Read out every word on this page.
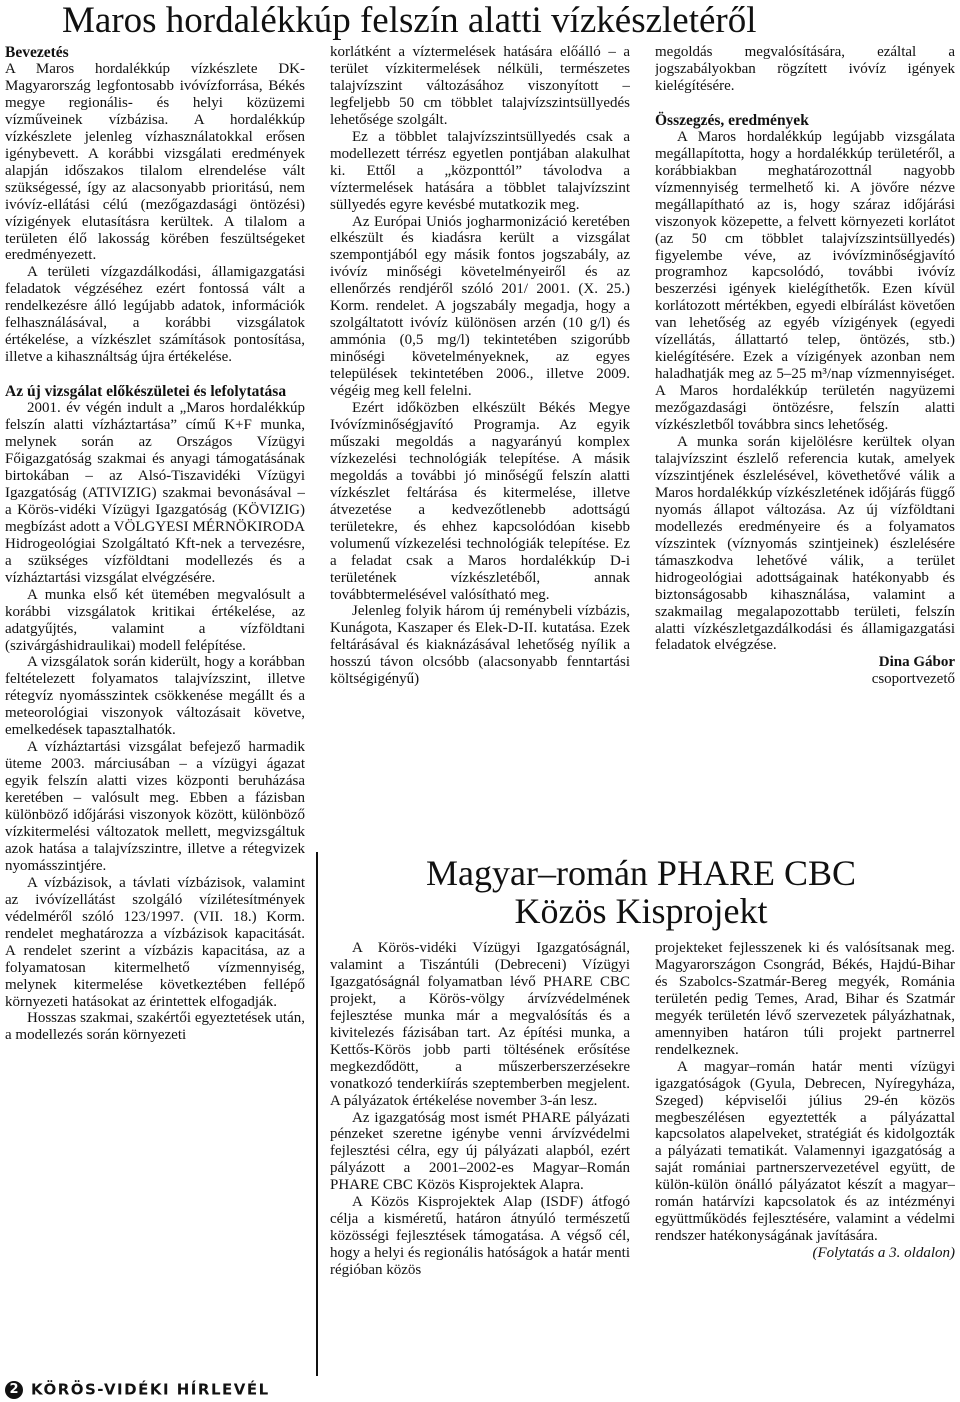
Maros hordalékkúp felszín alatti vízkészletéről
Bevezetés

A Maros hordalékkúp vízkészlete DK-Magyarország legfontosabb ivóvízforrása, Békés megye regionális- és helyi közüzemi vízműveinek vízbázisa. A hordalékkúp vízkészlete jelenleg vízhasználatokkal erősen igénybevett. A korábbi vizsgálati eredmények alapján időszakos tilalom elrendelése vált szükségessé, így az alacsonyabb prioritású, nem ivóvíz-ellátási célú (mezőgazdasági öntözési) vízigények elutasításra kerültek. A tilalom a területen élő lakosság körében feszültségeket eredményezett.

A területi vízgazdálkodási, államigazgatási feladatok végzéséhez ezért fontossá vált a rendelkezésre álló legújabb adatok, információk felhasználásával, a korábbi vizsgálatok értékelése, a vízkészlet számítások pontosítása, illetve a kihasználtság újra értékelése.

Az új vizsgálat előkészületei és lefolytatása

2001. év végén indult a „Maros hordalékkúp felszín alatti vízháztartása” című K+F munka, melynek során az Országos Vízügyi Főigazgatóság szakmai és anyagi támogatásának birtokában – az Alsó-Tiszavidéki Vízügyi Igazgatóság (ATIVIZIG) szakmai bevonásával – a Körös-vidéki Vízügyi Igazgatóság (KÖVIZIG) megbízást adott a VÖLGYESI MÉRNÖKIRODA Hidrogeológiai Szolgáltató Kft-nek a tervezésre, a szükséges vízföldtani modellezés és a vízháztartási vizsgálat elvégzésére.

A munka első két ütemében megvalósult a korábbi vizsgálatok kritikai értékelése, az adatgyűjtés, valamint a vízföldtani (szivárgáshidraulikai) modell felépítése.

A vizsgálatok során kiderült, hogy a korábban feltételezett folyamatos talajvízszint, illetve rétegvíz nyomásszintek csökkenése megállt és a meteorológiai viszonyok változásait követve, emelkedések tapasztalhatók.

A vízháztartási vizsgálat befejező harmadik üteme 2003. márciusában – a vízügyi ágazat egyik felszín alatti vizes központi beruházása keretében – valósult meg. Ebben a fázisban különböző időjárási viszonyok között, különböző vízkitermelési változatok mellett, megvizsgáltuk azok hatása a talajvízszintre, illetve a rétegvizek nyomásszintjére.

A vízbázisok, a távlati vízbázisok, valamint az ivóvízellátást szolgáló vízilétesítmények védelméről szóló 123/1997. (VII. 18.) Korm. rendelet meghatározza a vízbázisok kapacitását. A rendelet szerint a vízbázis kapacitása, az a folyamatosan kitermelhető vízmennyiség, melynek kitermelése következtében fellépő környezeti hatásokat az érintettek elfogadják.

Hosszas szakmai, szakértői egyeztetések után, a modellezés során környezeti

korlátként a víztermelések hatására előálló – a terület vízkitermelések nélküli, természetes talajvízszint változásához viszonyított – legfeljebb 50 cm többlet talajvízszintsüllyedés lehetősége szolgált.

Ez a többlet talajvízszintsüllyedés csak a modellezett térrész egyetlen pontjában alakulhat ki. Ettől a „központtól” távolodva a víztermelések hatására a többlet talajvízszint süllyedés egyre kevésbé mutatkozik meg.

Az Európai Uniós jogharmonizáció keretében elkészült és kiadásra került a vizsgálat szempontjából egy másik fontos jogszabály, az ivóvíz minőségi követelményeiről és az ellenőrzés rendjéről szóló 201/ 2001. (X. 25.) Korm. rendelet. A jogszabály megadja, hogy a szolgáltatott ivóvíz különösen arzén (10 g/l) és ammónia (0,5 mg/l) tekintetében szigorúbb minőségi követelményeknek, az egyes települések tekintetében 2006., illetve 2009. végéig meg kell felelni.

Ezért időközben elkészült Békés Megye Ivóvízminőségjavító Programja. Az egyik műszaki megoldás a nagyarányú komplex vízkezelési technológiák telepítése. A másik megoldás a további jó minőségű felszín alatti vízkészlet feltárása és kitermelése, illetve átvezetése a kedvezőtlenebb adottságú területekre, és ehhez kapcsolódóan kisebb volumenű vízkezelési technológiák telepítése. Ez a feladat csak a Maros hordalékkúp D-i területének vízkészletéből, annak továbbtermelésével valósítható meg.

Jelenleg folyik három új reménybeli vízbázis, Kunágota, Kaszaper és Elek-D-II. kutatása. Ezek feltárásával és kiaknázásával lehetőség nyílik a hosszú távon olcsóbb (alacsonyabb fenntartási költségigényű)

megoldás megvalósítására, ezáltal a jogszabályokban rögzített ivóvíz igények kielégítésére.

Összegzés, eredmények

A Maros hordalékkúp legújabb vizsgálata megállapította, hogy a hordalékkúp területéről, a korábbiakban meghatározottnál nagyobb vízmennyiség termelhető ki. A jövőre nézve megállapítható az is, hogy száraz időjárási viszonyok közepette, a felvett környezeti korlátot (az 50 cm többlet talajvízszintsüllyedés) figyelembe véve, az ivóvízminőségjavító programhoz kapcsolódó, további ivóvíz beszerzési igények kielégíthetők. Ezen kívül korlátozott mértékben, egyedi elbírálást követően van lehetőség az egyéb vízigények (egyedi vízellátás, állattartó telep, öntözés, stb.) kielégítésére. Ezek a vízigények azonban nem haladhatják meg az 5–25 m³/nap vízmennyiséget. A Maros hordalékkúp területén nagyüzemi mezőgazdasági öntözésre, felszín alatti vízkészletből továbbra sincs lehetőség.

A munka során kijelölésre kerültek olyan talajvízszint észlelő referencia kutak, amelyek vízszintjének észlelésével, követhetővé válik a Maros hordalékkúp vízkészletének időjárás függő nyomás állapot változása. Az új vízföldtani modellezés eredményeire és a folyamatos vízszintek (víznyomás szintjeinek) észlelésére támaszkodva lehetővé válik, a terület hidrogeológiai adottságainak hatékonyabb és biztonságosabb kihasználása, valamint a szakmailag megalapozottabb területi, felszín alatti vízkészletgazdálkodási és államigazgatási feladatok elvégzése.

Dina Gábor
csoportvezető
Magyar–román PHARE CBC
Közös Kisprojekt

A Körös-vidéki Vízügyi Igazgatóságnál, valamint a Tiszántúli (Debreceni) Vízügyi Igazgatóságnál folyamatban lévő PHARE CBC projekt, a Körös-völgy árvízvédelmének fejlesztése munka már a megvalósítás és a kivitelezés fázisában tart. Az építési munka, a Kettős-Körös jobb parti töltésének erősítése megkezdődött, a műszerberszerzésekre vonatkozó tenderkiírás szeptemberben megjelent. A pályázatok értékelése november 3-án lesz.

Az igazgatóság most ismét PHARE pályázati pénzeket szeretne igénybe venni árvízvédelmi fejlesztési célra, egy új pályázati alapból, ezért pályázott a 2001–2002-es Magyar–Román PHARE CBC Közös Kisprojektek Alapra.

A Közös Kisprojektek Alap (ISDF) átfogó célja a kisméretű, határon átnyúló természetű közösségi fejlesztések támogatása. A végső cél, hogy a helyi és regionális hatóságok a határ menti régióban közös

projekteket fejlesszenek ki és valósítsanak meg. Magyarországon Csongrád, Békés, Hajdú-Bihar és Szabolcs-Szatmár-Bereg megyék, Románia területén pedig Temes, Arad, Bihar és Szatmár megyék területén lévő szervezetek pályázhatnak, amennyiben határon túli projekt partnerrel rendelkeznek.

A magyar–román határ menti vízügyi igazgatóságok (Gyula, Debrecen, Nyíregyháza, Szeged) képviselői július 29-én közös megbeszélésen egyeztették a pályázattal kapcsolatos alapelveket, stratégiát és kidolgozták a pályázati tematikát. Valamennyi igazgatóság a saját romániai partnerszervezetével együtt, de külön-külön önálló pályázatot készít a magyar–román határvízi kapcsolatok és az intézményi együttműködés fejlesztésére, valamint a védelmi rendszer hatékonyságának javítására.

(Folytatás a 3. oldalon)
2 KÖRÖS-VIDÉKI HÍRLEVÉL
